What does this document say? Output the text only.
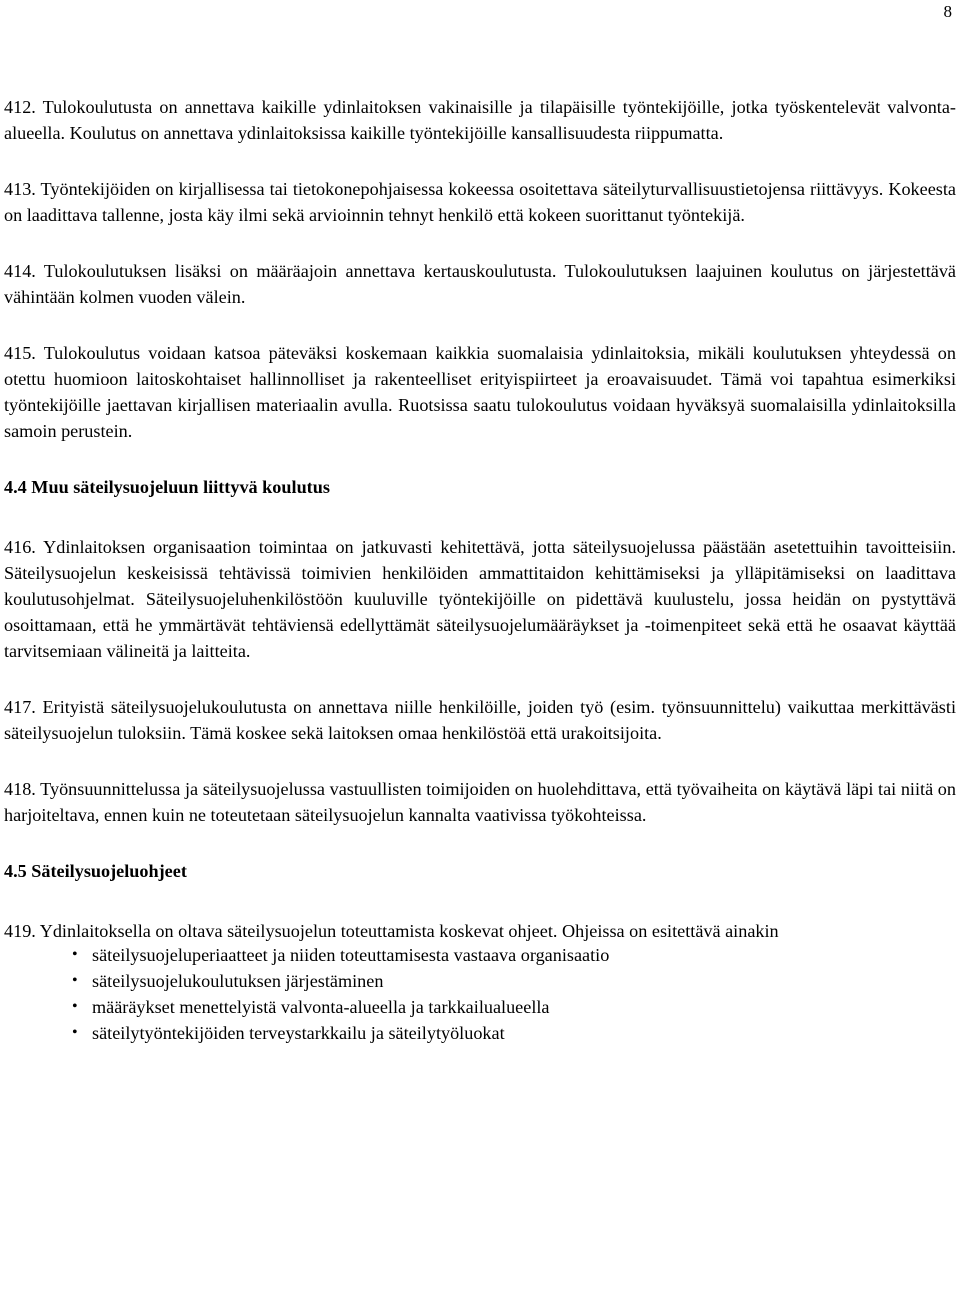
8

412. Tulokoulutusta on annettava kaikille ydinlaitoksen vakinaisille ja tilapäisille työntekijöille, jotka työskentelevät valvonta-alueella. Koulutus on annettava ydinlaitoksissa kaikille työntekijöille kansallisuudesta riippumatta.

413. Työntekijöiden on kirjallisessa tai tietokonepohjaisessa kokeessa osoitettava säteilyturvallisuustietojensa riittävyys. Kokeesta on laadittava tallenne, josta käy ilmi sekä arvioinnin tehnyt henkilö että kokeen suorittanut työntekijä.

414. Tulokoulutuksen lisäksi on määräajoin annettava kertauskoulutusta. Tulokoulutuksen laajuinen koulutus on järjestettävä vähintään kolmen vuoden välein.

415. Tulokoulutus voidaan katsoa päteväksi koskemaan kaikkia suomalaisia ydinlaitoksia, mikäli koulutuksen yhteydessä on otettu huomioon laitoskohtaiset hallinnolliset ja rakenteelliset erityispiirteet ja eroavaisuudet. Tämä voi tapahtua esimerkiksi työntekijöille jaettavan kirjallisen materiaalin avulla. Ruotsissa saatu tulokoulutus voidaan hyväksyä suomalaisilla ydinlaitoksilla samoin perustein.

4.4 Muu säteilysuojeluun liittyvä koulutus

416. Ydinlaitoksen organisaation toimintaa on jatkuvasti kehitettävä, jotta säteilysuojelussa päästään asetettuihin tavoitteisiin. Säteilysuojelun keskeisissä tehtävissä toimivien henkilöiden ammattitaidon kehittämiseksi ja ylläpitämiseksi on laadittava koulutusohjelmat. Säteilysuojeluhenkilöstöön kuuluville työntekijöille on pidettävä kuulustelu, jossa heidän on pystyttävä osoittamaan, että he ymmärtävät tehtäviensä edellyttämät säteilysuojelumääräykset ja -toimenpiteet sekä että he osaavat käyttää tarvitsemiaan välineitä ja laitteita.

417. Erityistä säteilysuojelukoulutusta on annettava niille henkilöille, joiden työ (esim. työnsuunnittelu) vaikuttaa merkittävästi säteilysuojelun tuloksiin. Tämä koskee sekä laitoksen omaa henkilöstöä että urakoitsijoita.

418. Työnsuunnittelussa ja säteilysuojelussa vastuullisten toimijoiden on huolehdittava, että työvaiheita on käytävä läpi tai niitä on harjoiteltava, ennen kuin ne toteutetaan säteilysuojelun kannalta vaativissa työkohteissa.

4.5 Säteilysuojeluohjeet

419. Ydinlaitoksella on oltava säteilysuojelun toteuttamista koskevat ohjeet. Ohjeissa on esitettävä ainakin

• säteilysuojeluperiaatteet ja niiden toteuttamisesta vastaava organisaatio
• säteilysuojelukoulutuksen järjestäminen
• määräykset menettelyistä valvonta-alueella ja tarkkailualueella
• säteilytyöntekijöiden terveystarkkailu ja säteilytyöluokat
